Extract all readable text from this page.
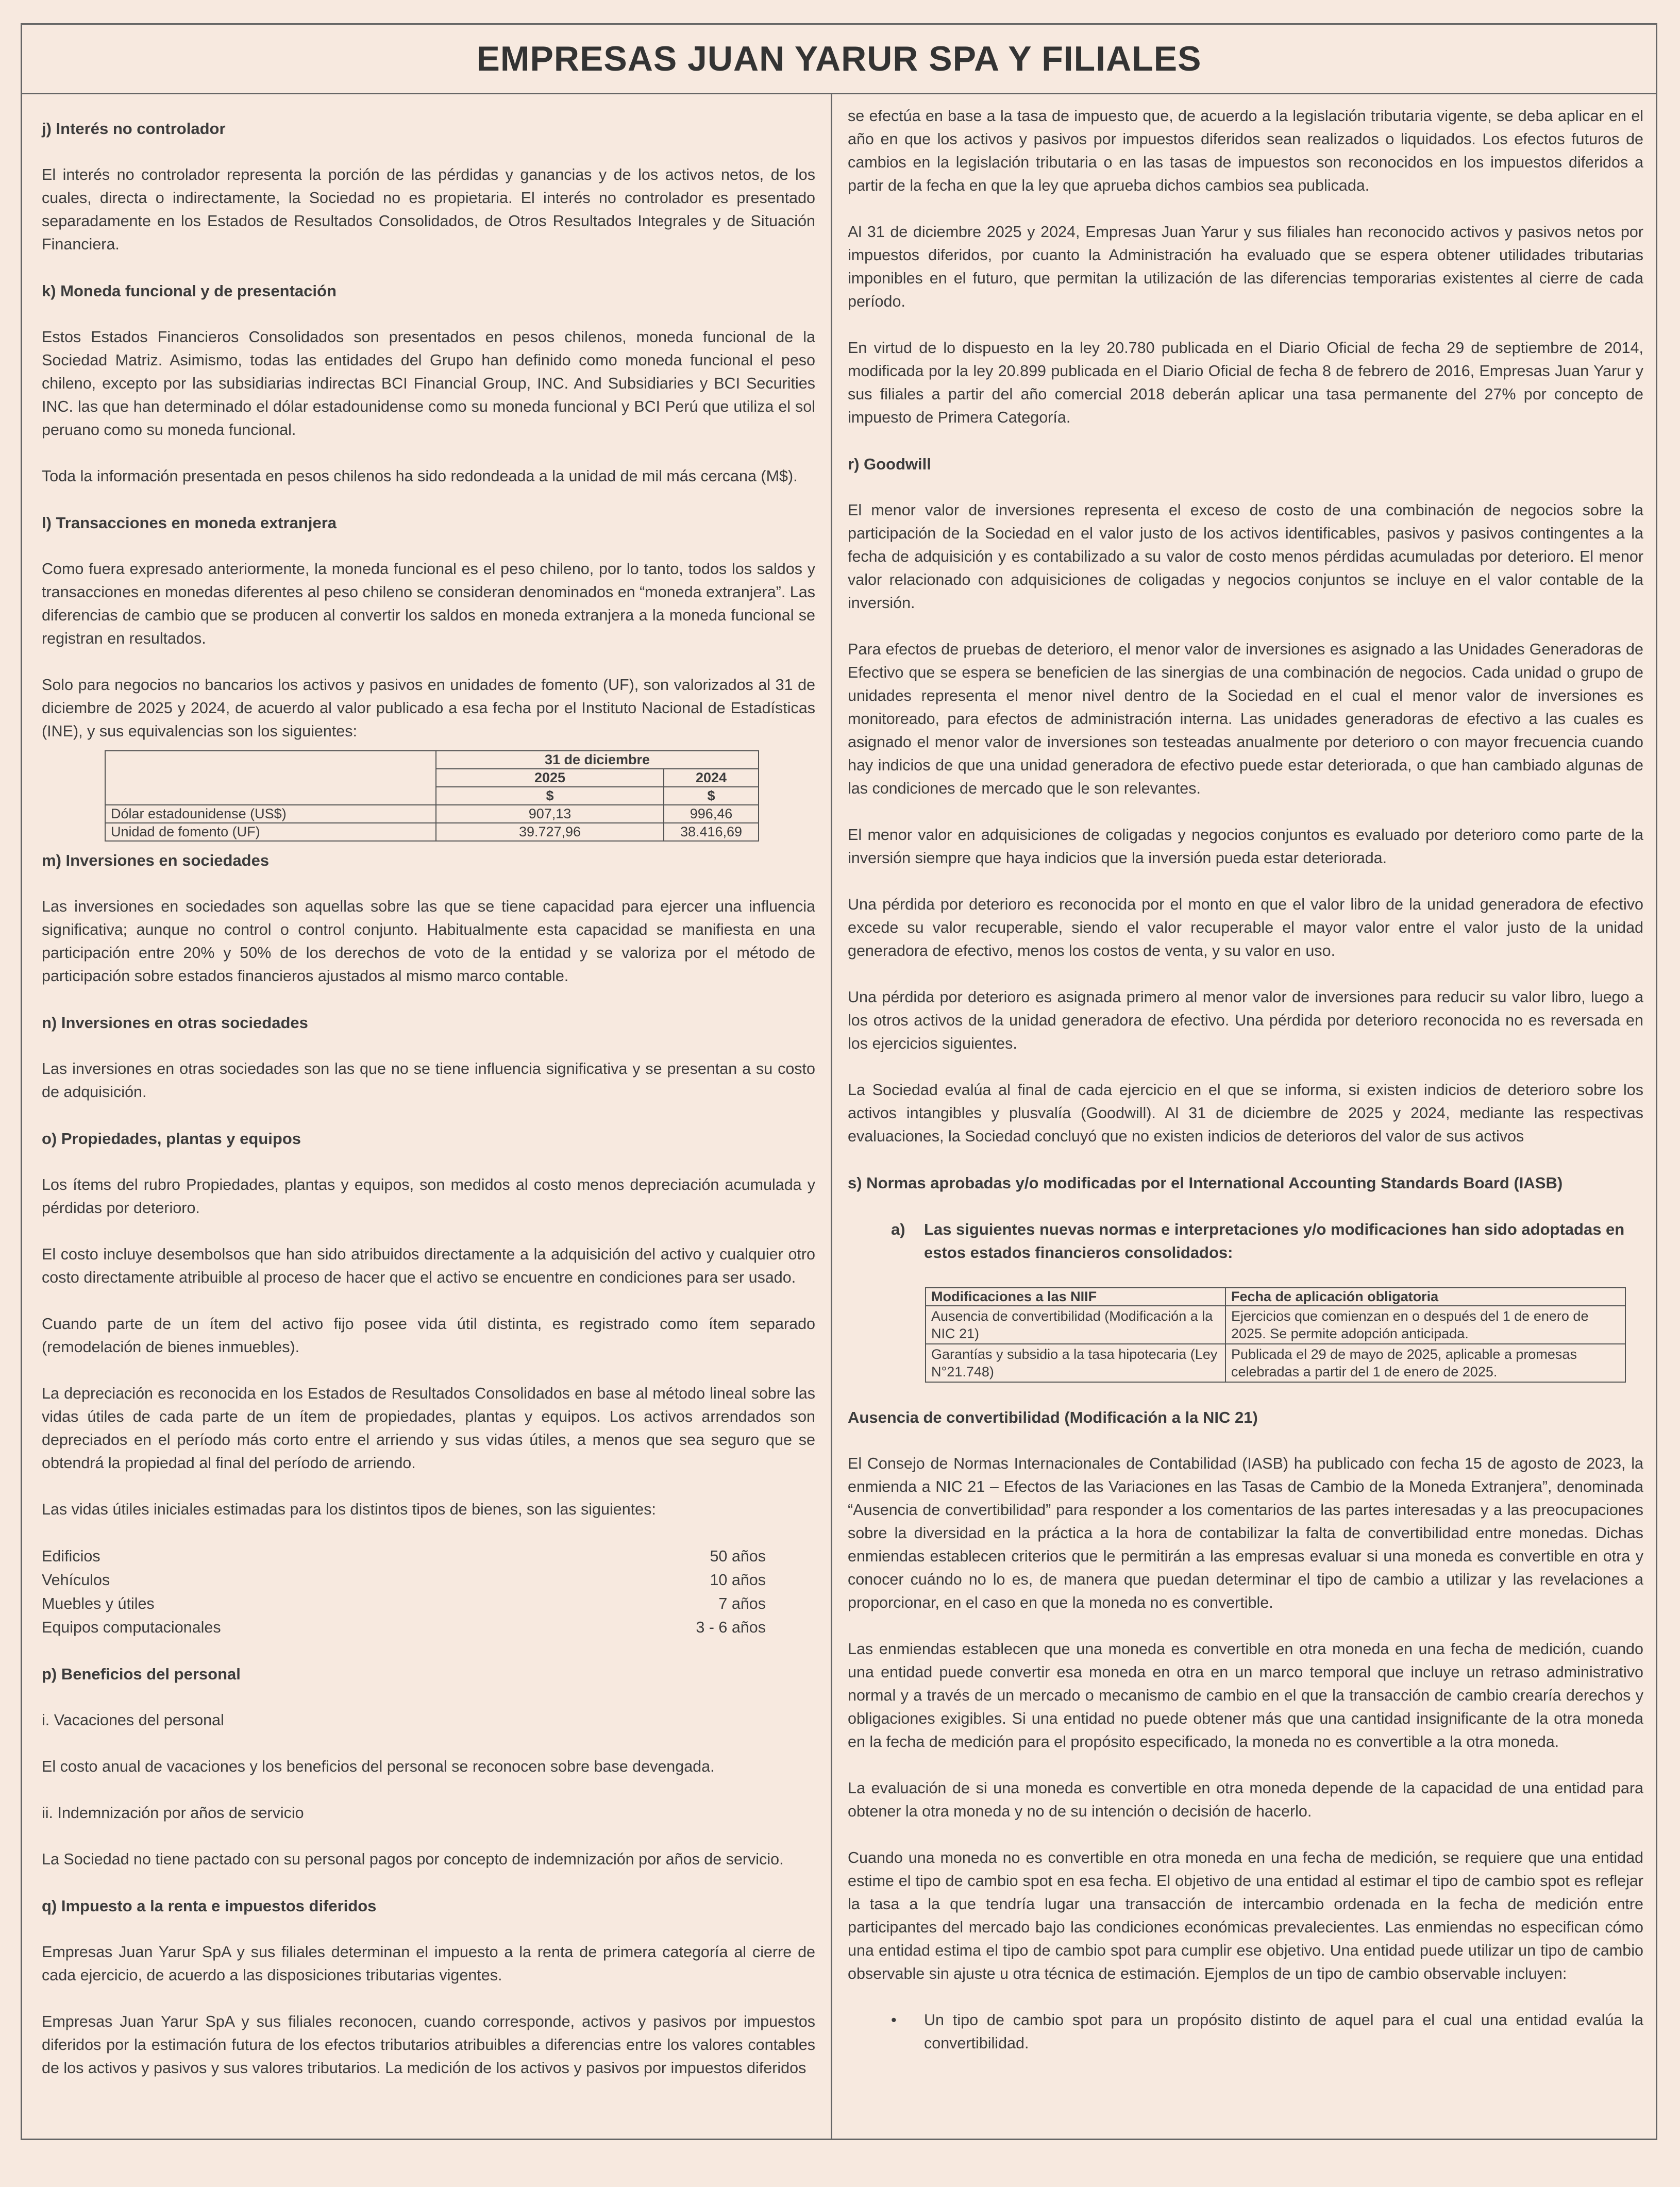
EMPRESAS JUAN YARUR SPA Y FILIALES

j) Interés no controlador

El interés no controlador representa la porción de las pérdidas y ganancias y de los activos netos, de los cuales, directa o indirectamente, la Sociedad no es propietaria. El interés no controlador es presentado separadamente en los Estados de Resultados Consolidados, de Otros Resultados Integrales y de Situación Financiera.

k) Moneda funcional y de presentación

Estos Estados Financieros Consolidados son presentados en pesos chilenos, moneda funcional de la Sociedad Matriz. Asimismo, todas las entidades del Grupo han definido como moneda funcional el peso chileno, excepto por las subsidiarias indirectas BCI Financial Group, INC. And Subsidiaries y BCI Securities INC. las que han determinado el dólar estadounidense como su moneda funcional y BCI Perú que utiliza el sol peruano como su moneda funcional.

Toda la información presentada en pesos chilenos ha sido redondeada a la unidad de mil más cercana (M$).

l) Transacciones en moneda extranjera

Como fuera expresado anteriormente, la moneda funcional es el peso chileno, por lo tanto, todos los saldos y transacciones en monedas diferentes al peso chileno se consideran denominados en “moneda extranjera”. Las diferencias de cambio que se producen al convertir los saldos en moneda extranjera a la moneda funcional se registran en resultados.

Solo para negocios no bancarios los activos y pasivos en unidades de fomento (UF), son valorizados al 31 de diciembre de 2025 y 2024, de acuerdo al valor publicado a esa fecha por el Instituto Nacional de Estadísticas (INE), y sus equivalencias son los siguientes:

	31 de diciembre	
	2025	2024
	$	$
Dólar estadounidense (US$)	907,13	996,46
Unidad de fomento (UF)	39.727,96	38.416,69

m) Inversiones en sociedades

Las inversiones en sociedades son aquellas sobre las que se tiene capacidad para ejercer una influencia significativa; aunque no control o control conjunto. Habitualmente esta capacidad se manifiesta en una participación entre 20% y 50% de los derechos de voto de la entidad y se valoriza por el método de participación sobre estados financieros ajustados al mismo marco contable.

n) Inversiones en otras sociedades

Las inversiones en otras sociedades son las que no se tiene influencia significativa y se presentan a su costo de adquisición.

o) Propiedades, plantas y equipos

Los ítems del rubro Propiedades, plantas y equipos, son medidos al costo menos depreciación acumulada y pérdidas por deterioro.

El costo incluye desembolsos que han sido atribuidos directamente a la adquisición del activo y cualquier otro costo directamente atribuible al proceso de hacer que el activo se encuentre en condiciones para ser usado.

Cuando parte de un ítem del activo fijo posee vida útil distinta, es registrado como ítem separado (remodelación de bienes inmuebles).

La depreciación es reconocida en los Estados de Resultados Consolidados en base al método lineal sobre las vidas útiles de cada parte de un ítem de propiedades, plantas y equipos. Los activos arrendados son depreciados en el período más corto entre el arriendo y sus vidas útiles, a menos que sea seguro que se obtendrá la propiedad al final del período de arriendo.

Las vidas útiles iniciales estimadas para los distintos tipos de bienes, son las siguientes:

Edificios	50 años
Vehículos	10 años
Muebles y útiles	7 años
Equipos computacionales	3 - 6 años

p) Beneficios del personal

i. Vacaciones del personal

El costo anual de vacaciones y los beneficios del personal se reconocen sobre base devengada.

ii. Indemnización por años de servicio

La Sociedad no tiene pactado con su personal pagos por concepto de indemnización por años de servicio.

q) Impuesto a la renta e impuestos diferidos

Empresas Juan Yarur SpA y sus filiales determinan el impuesto a la renta de primera categoría al cierre de cada ejercicio, de acuerdo a las disposiciones tributarias vigentes.

Empresas Juan Yarur SpA y sus filiales reconocen, cuando corresponde, activos y pasivos por impuestos diferidos por la estimación futura de los efectos tributarios atribuibles a diferencias entre los valores contables de los activos y pasivos y sus valores tributarios. La medición de los activos y pasivos por impuestos diferidos

se efectúa en base a la tasa de impuesto que, de acuerdo a la legislación tributaria vigente, se deba aplicar en el año en que los activos y pasivos por impuestos diferidos sean realizados o liquidados. Los efectos futuros de cambios en la legislación tributaria o en las tasas de impuestos son reconocidos en los impuestos diferidos a partir de la fecha en que la ley que aprueba dichos cambios sea publicada.

Al 31 de diciembre 2025 y 2024, Empresas Juan Yarur y sus filiales han reconocido activos y pasivos netos por impuestos diferidos, por cuanto la Administración ha evaluado que se espera obtener utilidades tributarias imponibles en el futuro, que permitan la utilización de las diferencias temporarias existentes al cierre de cada período.

En virtud de lo dispuesto en la ley 20.780 publicada en el Diario Oficial de fecha 29 de septiembre de 2014, modificada por la ley 20.899 publicada en el Diario Oficial de fecha 8 de febrero de 2016, Empresas Juan Yarur y sus filiales a partir del año comercial 2018 deberán aplicar una tasa permanente del 27% por concepto de impuesto de Primera Categoría.

r) Goodwill

El menor valor de inversiones representa el exceso de costo de una combinación de negocios sobre la participación de la Sociedad en el valor justo de los activos identificables, pasivos y pasivos contingentes a la fecha de adquisición y es contabilizado a su valor de costo menos pérdidas acumuladas por deterioro. El menor valor relacionado con adquisiciones de coligadas y negocios conjuntos se incluye en el valor contable de la inversión.

Para efectos de pruebas de deterioro, el menor valor de inversiones es asignado a las Unidades Generadoras de Efectivo que se espera se beneficien de las sinergias de una combinación de negocios. Cada unidad o grupo de unidades representa el menor nivel dentro de la Sociedad en el cual el menor valor de inversiones es monitoreado, para efectos de administración interna. Las unidades generadoras de efectivo a las cuales es asignado el menor valor de inversiones son testeadas anualmente por deterioro o con mayor frecuencia cuando hay indicios de que una unidad generadora de efectivo puede estar deteriorada, o que han cambiado algunas de las condiciones de mercado que le son relevantes.

El menor valor en adquisiciones de coligadas y negocios conjuntos es evaluado por deterioro como parte de la inversión siempre que haya indicios que la inversión pueda estar deteriorada.

Una pérdida por deterioro es reconocida por el monto en que el valor libro de la unidad generadora de efectivo excede su valor recuperable, siendo el valor recuperable el mayor valor entre el valor justo de la unidad generadora de efectivo, menos los costos de venta, y su valor en uso.

Una pérdida por deterioro es asignada primero al menor valor de inversiones para reducir su valor libro, luego a los otros activos de la unidad generadora de efectivo. Una pérdida por deterioro reconocida no es reversada en los ejercicios siguientes.

La Sociedad evalúa al final de cada ejercicio en el que se informa, si existen indicios de deterioro sobre los activos intangibles y plusvalía (Goodwill). Al 31 de diciembre de 2025 y 2024, mediante las respectivas evaluaciones, la Sociedad concluyó que no existen indicios de deterioros del valor de sus activos

s) Normas aprobadas y/o modificadas por el International Accounting Standards Board (IASB)

a)	Las siguientes nuevas normas e interpretaciones y/o modificaciones han sido adoptadas en estos estados financieros consolidados:
Modificaciones a las NIIF	Fecha de aplicación obligatoria
Ausencia de convertibilidad (Modificación a la NIC 21)	Ejercicios que comienzan en o después del 1 de enero de 2025. Se permite adopción anticipada.
Garantías y subsidio a la tasa hipotecaria (Ley N°21.748)	Publicada el 29 de mayo de 2025, aplicable a promesas celebradas a partir del 1 de enero de 2025.

Ausencia de convertibilidad (Modificación a la NIC 21)

El Consejo de Normas Internacionales de Contabilidad (IASB) ha publicado con fecha 15 de agosto de 2023, la enmienda a NIC 21 – Efectos de las Variaciones en las Tasas de Cambio de la Moneda Extranjera”, denominada “Ausencia de convertibilidad” para responder a los comentarios de las partes interesadas y a las preocupaciones sobre la diversidad en la práctica a la hora de contabilizar la falta de convertibilidad entre monedas. Dichas enmiendas establecen criterios que le permitirán a las empresas evaluar si una moneda es convertible en otra y conocer cuándo no lo es, de manera que puedan determinar el tipo de cambio a utilizar y las revelaciones a proporcionar, en el caso en que la moneda no es convertible.

Las enmiendas establecen que una moneda es convertible en otra moneda en una fecha de medición, cuando una entidad puede convertir esa moneda en otra en un marco temporal que incluye un retraso administrativo normal y a través de un mercado o mecanismo de cambio en el que la transacción de cambio crearía derechos y obligaciones exigibles. Si una entidad no puede obtener más que una cantidad insignificante de la otra moneda en la fecha de medición para el propósito especificado, la moneda no es convertible a la otra moneda.

La evaluación de si una moneda es convertible en otra moneda depende de la capacidad de una entidad para obtener la otra moneda y no de su intención o decisión de hacerlo.

Cuando una moneda no es convertible en otra moneda en una fecha de medición, se requiere que una entidad estime el tipo de cambio spot en esa fecha. El objetivo de una entidad al estimar el tipo de cambio spot es reflejar la tasa a la que tendría lugar una transacción de intercambio ordenada en la fecha de medición entre participantes del mercado bajo las condiciones económicas prevalecientes. Las enmiendas no especifican cómo una entidad estima el tipo de cambio spot para cumplir ese objetivo. Una entidad puede utilizar un tipo de cambio observable sin ajuste u otra técnica de estimación. Ejemplos de un tipo de cambio observable incluyen:

•	Un tipo de cambio spot para un propósito distinto de aquel para el cual una entidad evalúa la convertibilidad.
